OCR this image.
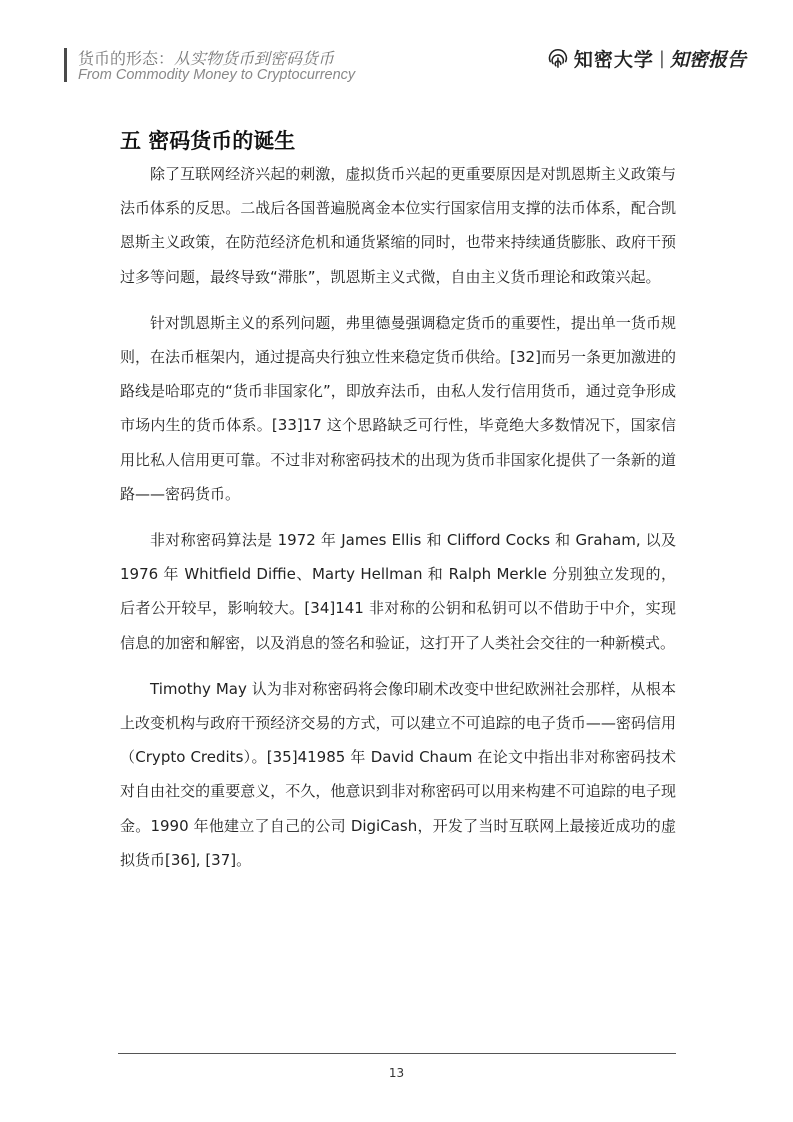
货币的形态：从实物货币到密码货币
From Commodity Money to Cryptocurrency
知密大学 | 知密报告
五 密码货币的诞生

除了互联网经济兴起的刺激，虚拟货币兴起的更重要原因是对凯恩斯主义政策与法币体系的反思。二战后各国普遍脱离金本位实行国家信用支撑的法币体系，配合凯恩斯主义政策，在防范经济危机和通货紧缩的同时，也带来持续通货膨胀、政府干预过多等问题，最终导致“滞胀”，凯恩斯主义式微，自由主义货币理论和政策兴起。

针对凯恩斯主义的系列问题，弗里德曼强调稳定货币的重要性，提出单一货币规则，在法币框架内，通过提高央行独立性来稳定货币供给。[32]而另一条更加激进的路线是哈耶克的“货币非国家化”，即放弃法币，由私人发行信用货币，通过竞争形成市场内生的货币体系。[33]17 这个思路缺乏可行性，毕竟绝大多数情况下，国家信用比私人信用更可靠。不过非对称密码技术的出现为货币非国家化提供了一条新的道路——密码货币。

非对称密码算法是 1972 年 James Ellis 和 Clifford Cocks 和 Graham, 以及 1976 年 Whitfield Diffie、Marty Hellman 和 Ralph Merkle 分别独立发现的，后者公开较早，影响较大。[34]141 非对称的公钥和私钥可以不借助于中介，实现信息的加密和解密，以及消息的签名和验证，这打开了人类社会交往的一种新模式。

Timothy May 认为非对称密码将会像印刷术改变中世纪欧洲社会那样，从根本上改变机构与政府干预经济交易的方式，可以建立不可追踪的电子货币——密码信用（Crypto Credits）。[35]41985 年 David Chaum 在论文中指出非对称密码技术对自由社交的重要意义，不久，他意识到非对称密码可以用来构建不可追踪的电子现金。1990 年他建立了自己的公司 DigiCash，开发了当时互联网上最接近成功的虚拟货币[36], [37]。

13
